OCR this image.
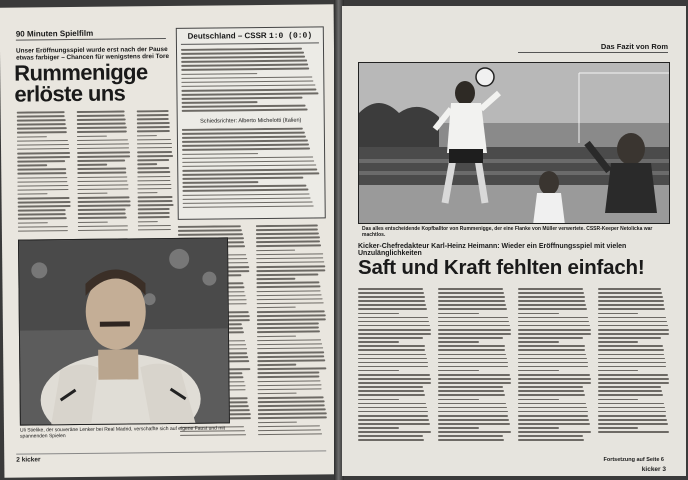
90 Minuten Spielfilm
Unser Eröffnungsspiel wurde erst nach der Pause etwas farbiger – Chancen für wenigstens drei Tore
Rummenigge erlöste uns
Deutschland – CSSR 1:0 (0:0)
Schiedsrichter: Alberto Michelotti (Italien)
Uli Stielike, der souveräne Lenker bei Real Madrid, verschaffte sich auf eigene Faust und mit spannenden Spielen
2 kicker
Das Fazit von Rom
Das alles entscheidende Kopfballtor von Rummenigge, der eine Flanke von Müller verwertete. CSSR-Keeper Netolicka war machtlos.
Kicker-Chefredakteur Karl-Heinz Heimann: Wieder ein Eröffnungsspiel mit vielen Unzulänglichkeiten
Saft und Kraft fehlten einfach!
Fortsetzung auf Seite 6
kicker 3
